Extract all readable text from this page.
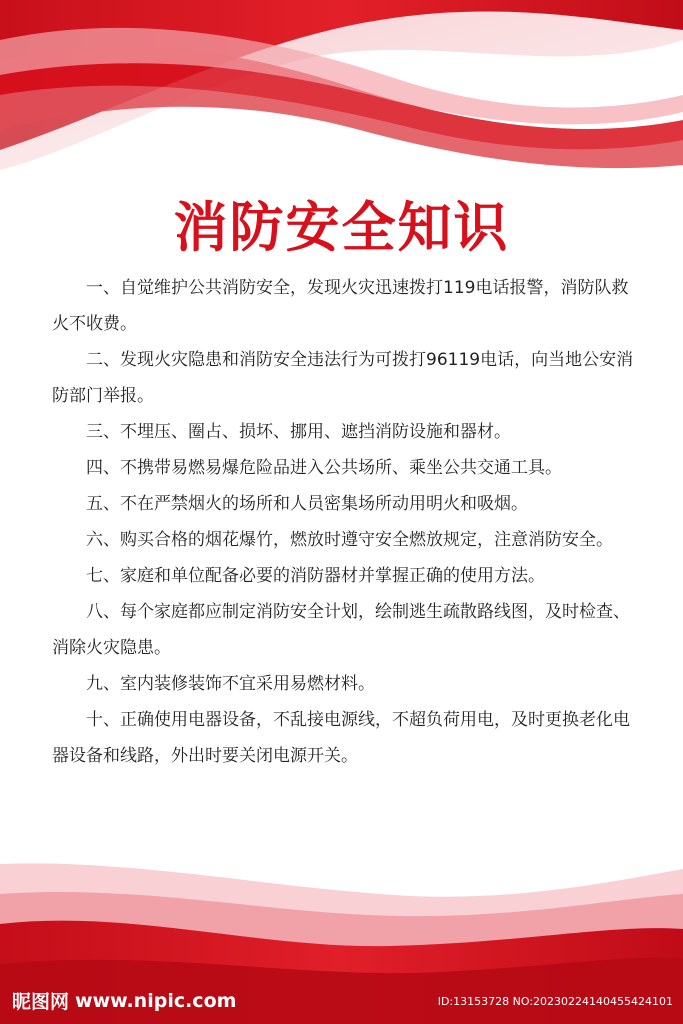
消防安全知识

一、自觉维护公共消防安全，发现火灾迅速拨打119电话报警，消防队救火不收费。

二、发现火灾隐患和消防安全违法行为可拨打96119电话，向当地公安消防部门举报。

三、不埋压、圈占、损坏、挪用、遮挡消防设施和器材。

四、不携带易燃易爆危险品进入公共场所、乘坐公共交通工具。

五、不在严禁烟火的场所和人员密集场所动用明火和吸烟。

六、购买合格的烟花爆竹，燃放时遵守安全燃放规定，注意消防安全。

七、家庭和单位配备必要的消防器材并掌握正确的使用方法。

八、每个家庭都应制定消防安全计划，绘制逃生疏散路线图，及时检查、消除火灾隐患。

九、室内装修装饰不宜采用易燃材料。

十、正确使用电器设备，不乱接电源线，不超负荷用电，及时更换老化电器设备和线路，外出时要关闭电源开关。

昵图网 www.nipic.com	ID:13153728 NO:20230224140455424101
